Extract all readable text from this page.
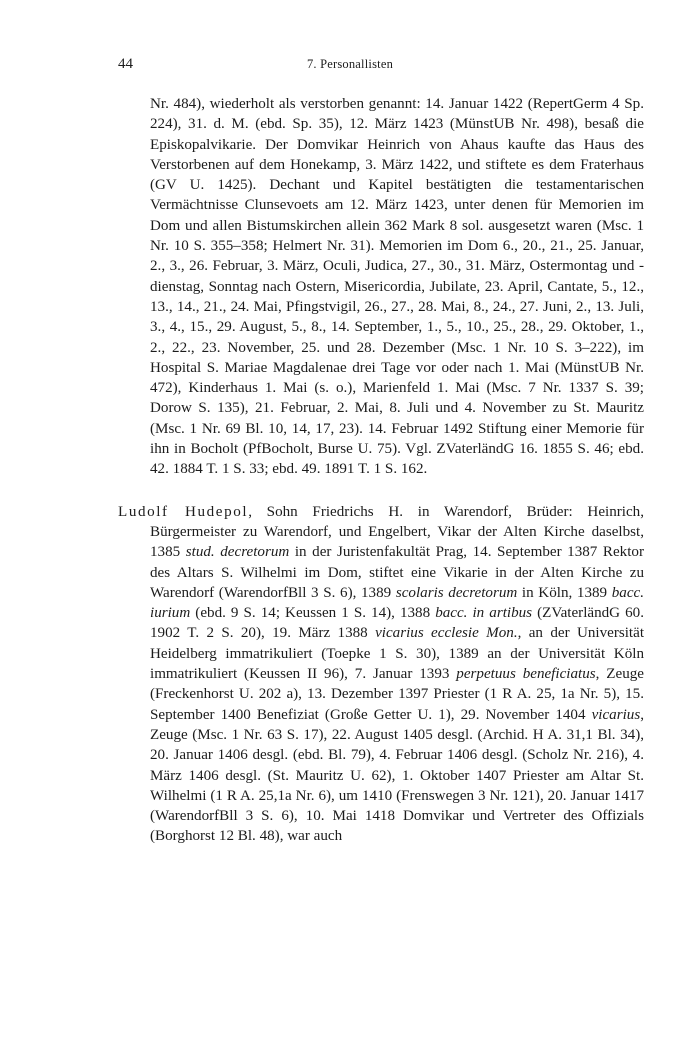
44	7. Personallisten

Nr. 484), wiederholt als verstorben genannt: 14. Januar 1422 (RepertGerm 4 Sp. 224), 31. d. M. (ebd. Sp. 35), 12. März 1423 (MünstUB Nr. 498), besaß die Episkopalvikarie. Der Domvikar Heinrich von Ahaus kaufte das Haus des Verstorbenen auf dem Honekamp, 3. März 1422, und stiftete es dem Fraterhaus (GV U. 1425). Dechant und Kapitel bestätigten die testamentarischen Vermächtnisse Clunsevoets am 12. März 1423, unter denen für Memorien im Dom und allen Bistumskirchen allein 362 Mark 8 sol. ausgesetzt waren (Msc. 1 Nr. 10 S. 355–358; Helmert Nr. 31). Memorien im Dom 6., 20., 21., 25. Januar, 2., 3., 26. Februar, 3. März, Oculi, Judica, 27., 30., 31. März, Ostermontag und -dienstag, Sonntag nach Ostern, Misericordia, Jubilate, 23. April, Cantate, 5., 12., 13., 14., 21., 24. Mai, Pfingstvigil, 26., 27., 28. Mai, 8., 24., 27. Juni, 2., 13. Juli, 3., 4., 15., 29. August, 5., 8., 14. September, 1., 5., 10., 25., 28., 29. Oktober, 1., 2., 22., 23. November, 25. und 28. Dezember (Msc. 1 Nr. 10 S. 3–222), im Hospital S. Mariae Magdalenae drei Tage vor oder nach 1. Mai (MünstUB Nr. 472), Kinderhaus 1. Mai (s. o.), Marienfeld 1. Mai (Msc. 7 Nr. 1337 S. 39; Dorow S. 135), 21. Februar, 2. Mai, 8. Juli und 4. November zu St. Mauritz (Msc. 1 Nr. 69 Bl. 10, 14, 17, 23). 14. Februar 1492 Stiftung einer Memorie für ihn in Bocholt (PfBocholt, Burse U. 75). Vgl. ZVaterländG 16. 1855 S. 46; ebd. 42. 1884 T. 1 S. 33; ebd. 49. 1891 T. 1 S. 162.

Ludolf Hudepol, Sohn Friedrichs H. in Warendorf, Brüder: Heinrich, Bürgermeister zu Warendorf, und Engelbert, Vikar der Alten Kirche daselbst, 1385 stud. decretorum in der Juristenfakultät Prag, 14. September 1387 Rektor des Altars S. Wilhelmi im Dom, stiftet eine Vikarie in der Alten Kirche zu Warendorf (WarendorfBll 3 S. 6), 1389 scolaris decretorum in Köln, 1389 bacc. iurium (ebd. 9 S. 14; Keussen 1 S. 14), 1388 bacc. in artibus (ZVaterländG 60. 1902 T. 2 S. 20), 19. März 1388 vicarius ecclesie Mon., an der Universität Heidelberg immatrikuliert (Toepke 1 S. 30), 1389 an der Universität Köln immatrikuliert (Keussen II 96), 7. Januar 1393 perpetuus beneficiatus, Zeuge (Freckenhorst U. 202 a), 13. Dezember 1397 Priester (1 R A. 25, 1a Nr. 5), 15. September 1400 Benefiziat (Große Getter U. 1), 29. November 1404 vicarius, Zeuge (Msc. 1 Nr. 63 S. 17), 22. August 1405 desgl. (Archid. H A. 31,1 Bl. 34), 20. Januar 1406 desgl. (ebd. Bl. 79), 4. Februar 1406 desgl. (Scholz Nr. 216), 4. März 1406 desgl. (St. Mauritz U. 62), 1. Oktober 1407 Priester am Altar St. Wilhelmi (1 R A. 25,1a Nr. 6), um 1410 (Frenswegen 3 Nr. 121), 20. Januar 1417 (WarendorfBll 3 S. 6), 10. Mai 1418 Domvikar und Vertreter des Offizials (Borghorst 12 Bl. 48), war auch
